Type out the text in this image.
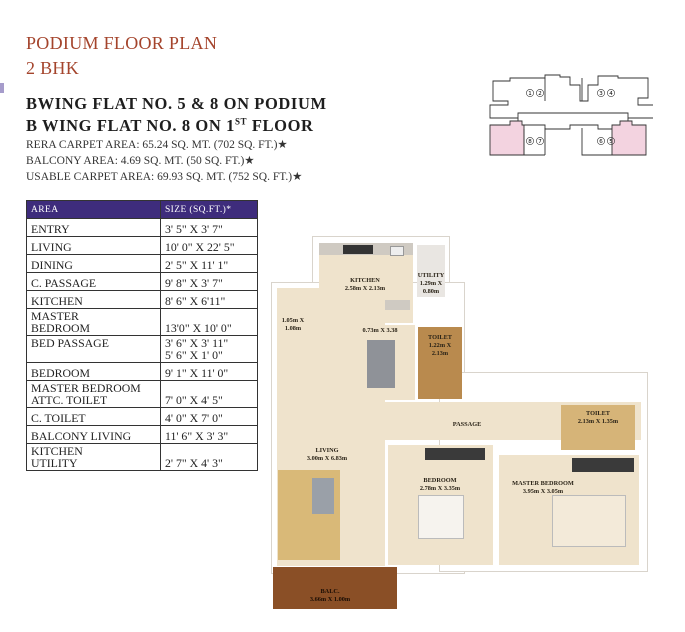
PODIUM FLOOR PLAN
2 BHK
BWING FLAT NO. 5 & 8 ON PODIUM
B WING FLAT NO. 8 ON 1ST FLOOR
RERA CARPET AREA: 65.24 SQ. MT. (702 SQ. FT.)★
BALCONY AREA: 4.69 SQ. MT. (50 SQ. FT.)★
USABLE CARPET AREA: 69.93 SQ. MT. (752 SQ. FT.)★
AREA	SIZE (SQ.FT.)*

ENTRY	3' 5" X 3' 7"

LIVING	10' 0" X 22' 5"

DINING	2' 5" X 11' 1"

C. PASSAGE	9' 8" X 3' 7"

KITCHEN	8' 6" X 6'11"

MASTER
BEDROOM	13'0" X 10' 0"

BED PASSAGE	3' 6" X 3' 11"
5' 6" X 1' 0"

BEDROOM	9' 1" X 11' 0"

MASTER BEDROOM
ATTC. TOILET	7' 0" X 4' 5"

C. TOILET	4' 0" X 7' 0"

BALCONY LIVING	11' 6" X 3' 3"

KITCHEN
UTILITY	2' 7" X 4' 3"
1 2	3 4
8 7	6 5
KITCHEN
2.58m X 2.13m
UTILITY
1.29m X
0.80m
1.05m X
1.08m	0.73m X 3.38
TOILET
1.22m X
2.13m
PASSAGE
TOILET
2.13m X 1.35m
LIVING
3.00m X 6.83m
BEDROOM
2.78m X 3.35m
MASTER BEDROOM
3.95m X 3.05m
BALC.
3.66m X 1.00m
